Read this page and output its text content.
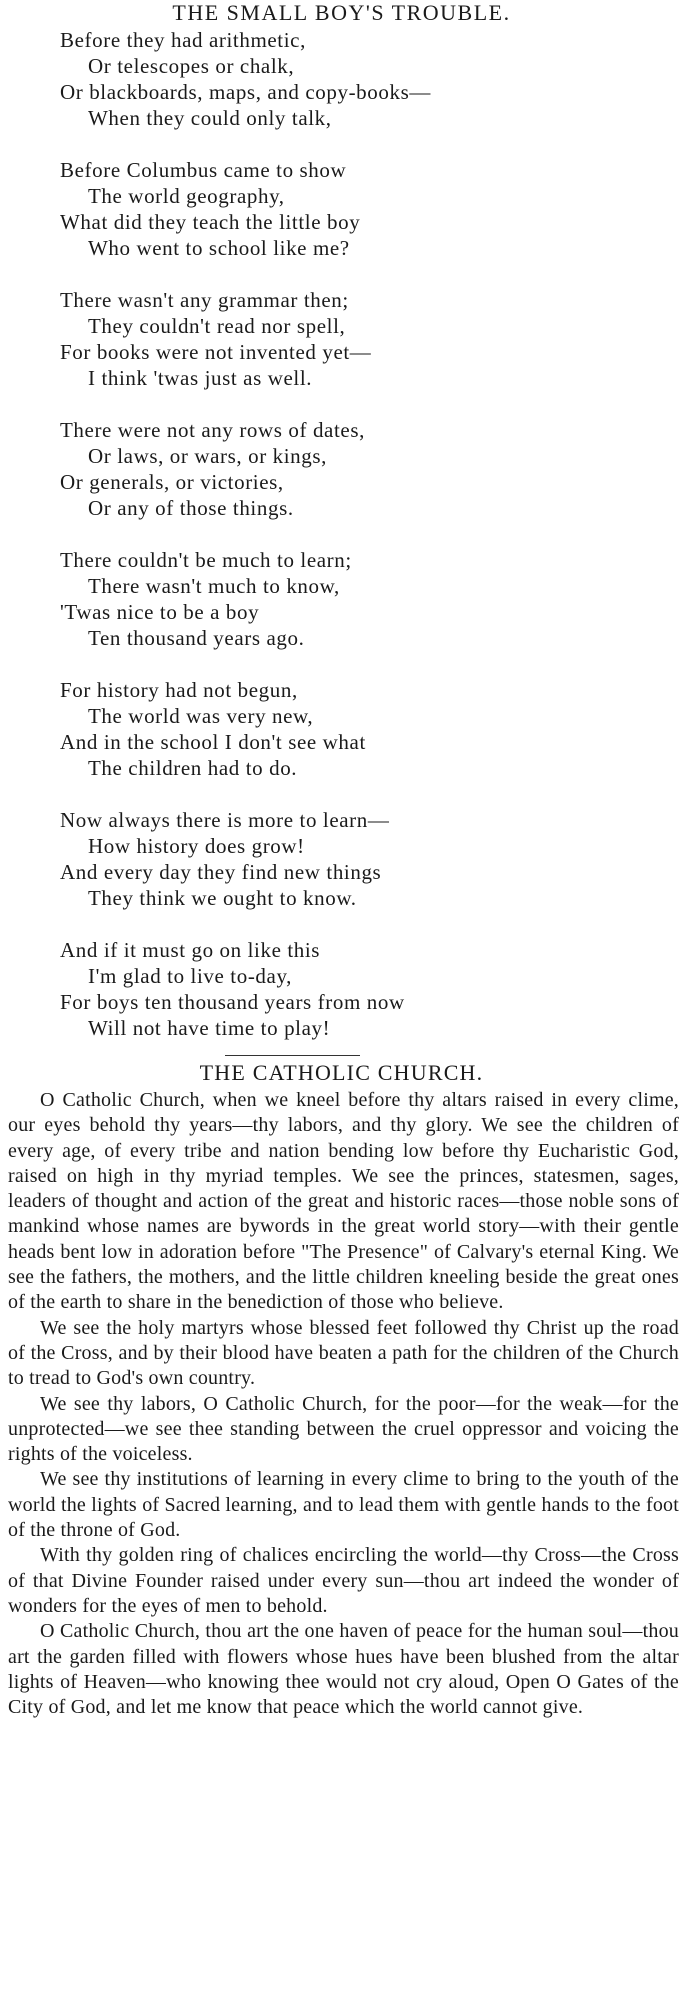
THE SMALL BOY'S TROUBLE.
Before they had arithmetic,
Or telescopes or chalk,
Or blackboards, maps, and copy-books—
When they could only talk,
Before Columbus came to show
The world geography,
What did they teach the little boy
Who went to school like me?
There wasn't any grammar then;
They couldn't read nor spell,
For books were not invented yet—
I think 'twas just as well.
There were not any rows of dates,
Or laws, or wars, or kings,
Or generals, or victories,
Or any of those things.
There couldn't be much to learn;
There wasn't much to know,
'Twas nice to be a boy
Ten thousand years ago.
For history had not begun,
The world was very new,
And in the school I don't see what
The children had to do.
Now always there is more to learn—
How history does grow!
And every day they find new things
They think we ought to know.
And if it must go on like this
I'm glad to live to-day,
For boys ten thousand years from now
Will not have time to play!
THE CATHOLIC CHURCH.

O Catholic Church, when we kneel before thy altars raised in every clime, our eyes behold thy years—thy labors, and thy glory. We see the children of every age, of every tribe and nation bending low before thy Eucharistic God, raised on high in thy myriad temples. We see the princes, statesmen, sages, leaders of thought and action of the great and historic races—those noble sons of mankind whose names are bywords in the great world story—with their gentle heads bent low in adoration before "The Presence" of Calvary's eternal King. We see the fathers, the mothers, and the little children kneeling beside the great ones of the earth to share in the benediction of those who believe.

We see the holy martyrs whose blessed feet followed thy Christ up the road of the Cross, and by their blood have beaten a path for the children of the Church to tread to God's own country.

We see thy labors, O Catholic Church, for the poor—for the weak—for the unprotected—we see thee standing between the cruel oppressor and voicing the rights of the voiceless.

We see thy institutions of learning in every clime to bring to the youth of the world the lights of Sacred learning, and to lead them with gentle hands to the foot of the throne of God.

With thy golden ring of chalices encircling the world—thy Cross—the Cross of that Divine Founder raised under every sun—thou art indeed the wonder of wonders for the eyes of men to behold.

O Catholic Church, thou art the one haven of peace for the human soul—thou art the garden filled with flowers whose hues have been blushed from the altar lights of Heaven—who knowing thee would not cry aloud, Open O Gates of the City of God, and let me know that peace which the world cannot give.
